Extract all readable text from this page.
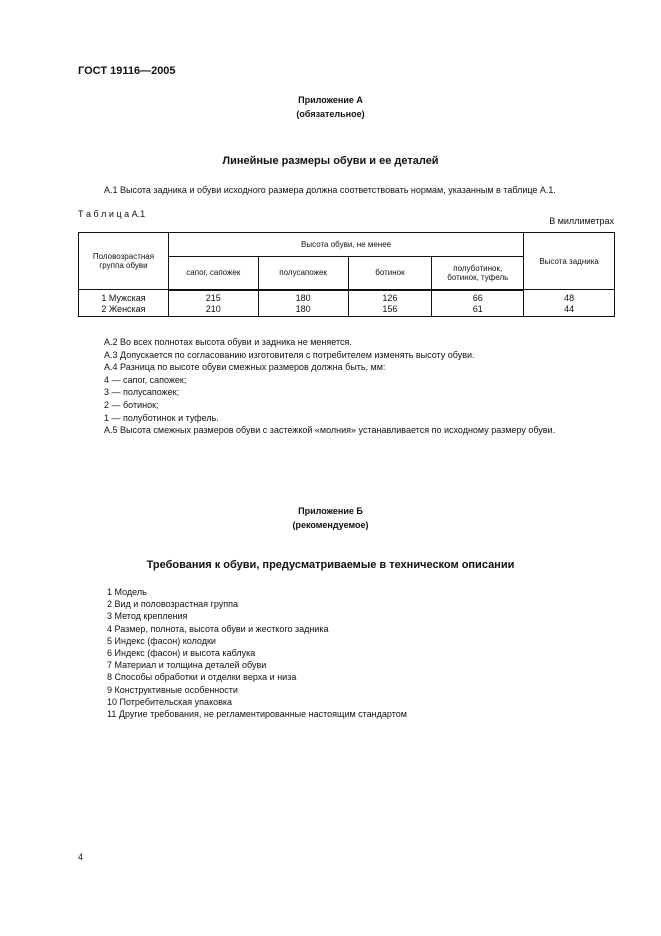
ГОСТ 19116—2005
Приложение А
(обязательное)
Линейные размеры обуви и ее деталей
А.1 Высота задника и обуви исходного размера должна соответствовать нормам, указанным в таблице А.1.
Т а б л и ц а А.1
В миллиметрах
Половозрастная группа обуви	Высота обуви, не менее				Высота задника
	сапог, сапожек	полусапожек	ботинок	полуботинок, ботинок, туфель	
1 Мужская	215	180	126	66	48
2 Женская	210	180	156	61	44
А.2 Во всех полнотах высота обуви и задника не меняется.
А.3 Допускается по согласованию изготовителя с потребителем изменять высоту обуви.
А.4 Разница по высоте обуви смежных размеров должна быть, мм:
4 — сапог, сапожек;
3 — полусапожек;
2 — ботинок;
1 — полуботинок и туфель.
А.5 Высота смежных размеров обуви с застежкой «молния» устанавливается по исходному размеру обуви.
Приложение Б
(рекомендуемое)
Требования к обуви, предусматриваемые в техническом описании
1 Модель
2 Вид и половозрастная группа
3 Метод крепления
4 Размер, полнота, высота обуви и жесткого задника
5 Индекс (фасон) колодки
6 Индекс (фасон) и высота каблука
7 Материал и толщина деталей обуви
8 Способы обработки и отделки верха и низа
9 Конструктивные особенности
10 Потребительская упаковка
11 Другие требования, не регламентированные настоящим стандартом
4
